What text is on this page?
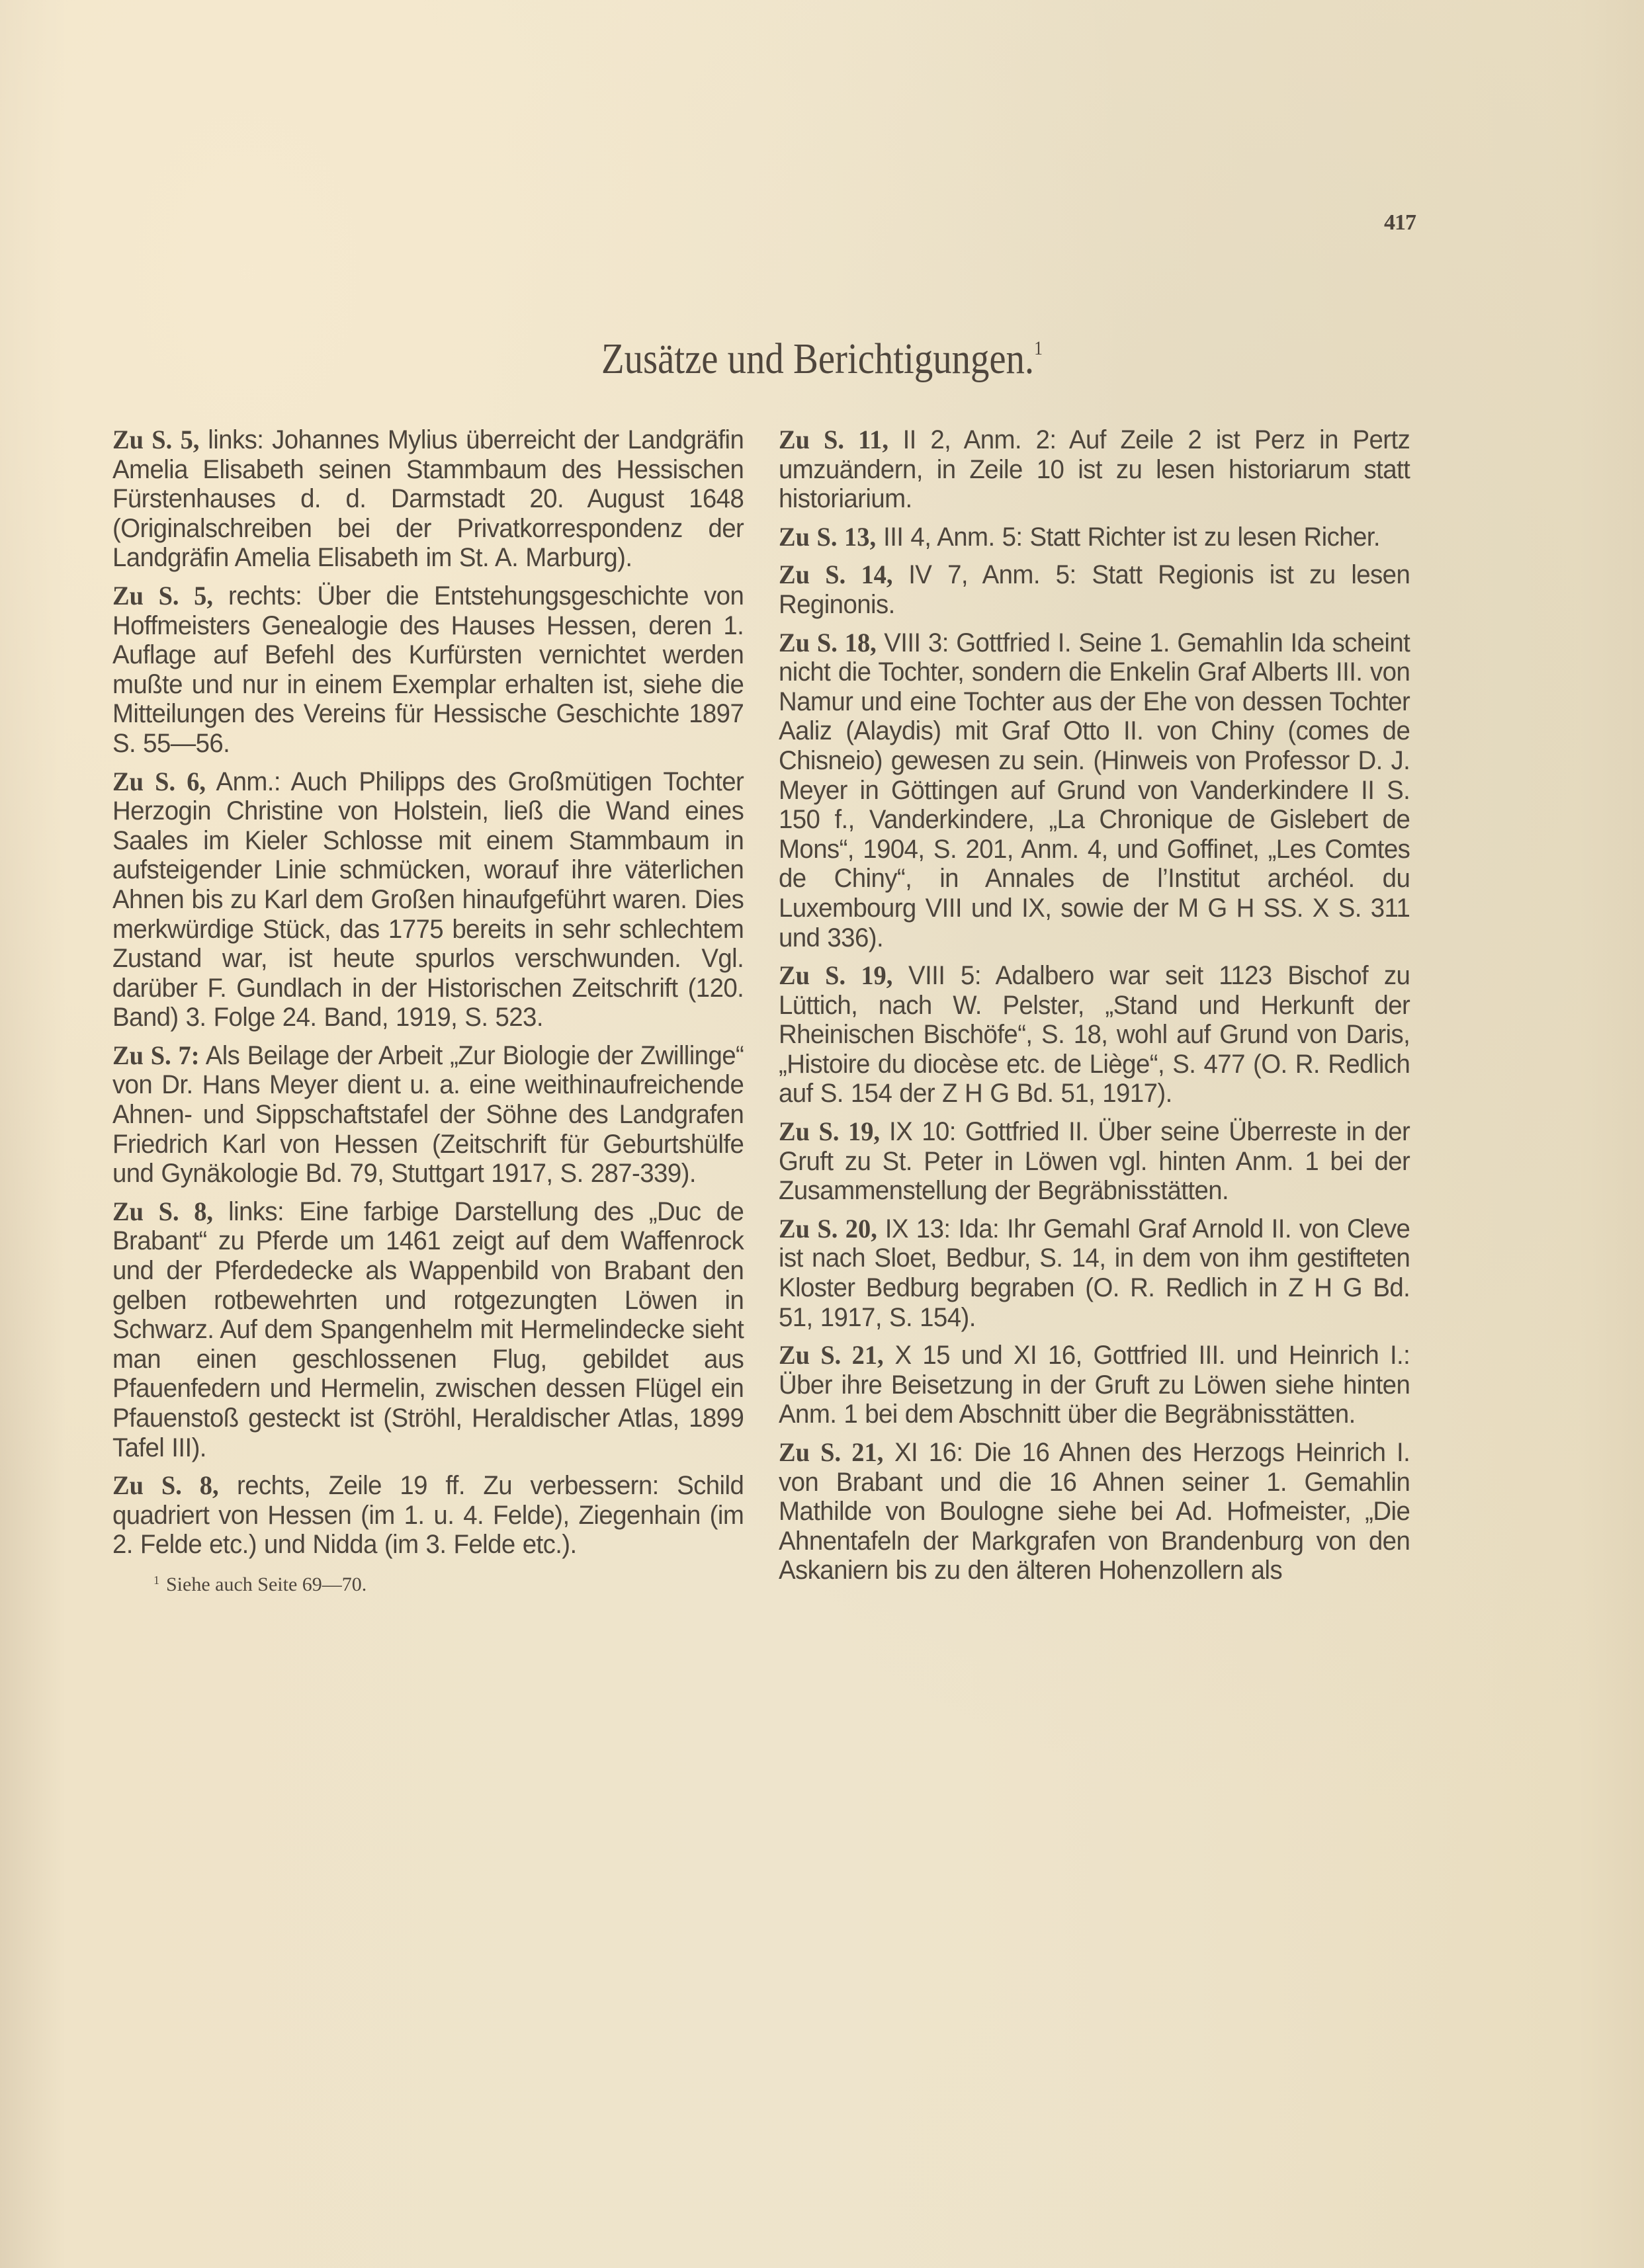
417
Zusätze und Berichtigungen.$^1$

Zu S. 5, links: Johannes Mylius überreicht der Landgräfin Amelia Elisabeth seinen Stammbaum des Hessischen Fürstenhauses d. d. Darmstadt 20. August 1648 (Originalschreiben bei der Privatkorrespondenz der Landgräfin Amelia Elisabeth im St. A. Marburg).

Zu S. 5, rechts: Über die Entstehungsgeschichte von Hoffmeisters Genealogie des Hauses Hessen, deren 1. Auflage auf Befehl des Kurfürsten vernichtet werden mußte und nur in einem Exemplar erhalten ist, siehe die Mitteilungen des Vereins für Hessische Geschichte 1897 S. 55—56.

Zu S. 6, Anm.: Auch Philipps des Großmütigen Tochter Herzogin Christine von Holstein, ließ die Wand eines Saales im Kieler Schlosse mit einem Stammbaum in aufsteigender Linie schmücken, worauf ihre väterlichen Ahnen bis zu Karl dem Großen hinaufgeführt waren. Dies merkwürdige Stück, das 1775 bereits in sehr schlechtem Zustand war, ist heute spurlos verschwunden. Vgl. darüber F. Gundlach in der Historischen Zeitschrift (120. Band) 3. Folge 24. Band, 1919, S. 523.

Zu S. 7: Als Beilage der Arbeit „Zur Biologie der Zwillinge“ von Dr. Hans Meyer dient u. a. eine weithinaufreichende Ahnen- und Sippschaftstafel der Söhne des Landgrafen Friedrich Karl von Hessen (Zeitschrift für Geburtshülfe und Gynäkologie Bd. 79, Stuttgart 1917, S. 287-339).

Zu S. 8, links: Eine farbige Darstellung des „Duc de Brabant“ zu Pferde um 1461 zeigt auf dem Waffenrock und der Pferdedecke als Wappenbild von Brabant den gelben rotbewehrten und rotgezungten Löwen in Schwarz. Auf dem Spangenhelm mit Hermelindecke sieht man einen geschlossenen Flug, gebildet aus Pfauenfedern und Hermelin, zwischen dessen Flügel ein Pfauenstoß gesteckt ist (Ströhl, Heraldischer Atlas, 1899 Tafel III).

Zu S. 8, rechts, Zeile 19 ff. Zu verbessern: Schild quadriert von Hessen (im 1. u. 4. Felde), Ziegenhain (im 2. Felde etc.) und Nidda (im 3. Felde etc.).

$^1$ Siehe auch Seite 69—70.

Zu S. 11, II 2, Anm. 2: Auf Zeile 2 ist Perz in Pertz umzuändern, in Zeile 10 ist zu lesen historiarum statt historiarium.

Zu S. 13, III 4, Anm. 5: Statt Richter ist zu lesen Richer.

Zu S. 14, IV 7, Anm. 5: Statt Regionis ist zu lesen Reginonis.

Zu S. 18, VIII 3: Gottfried I. Seine 1. Gemahlin Ida scheint nicht die Tochter, sondern die Enkelin Graf Alberts III. von Namur und eine Tochter aus der Ehe von dessen Tochter Aaliz (Alaydis) mit Graf Otto II. von Chiny (comes de Chisneio) gewesen zu sein. (Hinweis von Professor D. J. Meyer in Göttingen auf Grund von Vanderkindere II S. 150 f., Vanderkindere, „La Chronique de Gislebert de Mons“, 1904, S. 201, Anm. 4, und Goffinet, „Les Comtes de Chiny“, in Annales de l’Institut archéol. du Luxembourg VIII und IX, sowie der M G H SS. X S. 311 und 336).

Zu S. 19, VIII 5: Adalbero war seit 1123 Bischof zu Lüttich, nach W. Pelster, „Stand und Herkunft der Rheinischen Bischöfe“, S. 18, wohl auf Grund von Daris, „Histoire du diocèse etc. de Liège“, S. 477 (O. R. Redlich auf S. 154 der Z H G Bd. 51, 1917).

Zu S. 19, IX 10: Gottfried II. Über seine Überreste in der Gruft zu St. Peter in Löwen vgl. hinten Anm. 1 bei der Zusammenstellung der Begräbnisstätten.

Zu S. 20, IX 13: Ida: Ihr Gemahl Graf Arnold II. von Cleve ist nach Sloet, Bedbur, S. 14, in dem von ihm gestifteten Kloster Bedburg begraben (O. R. Redlich in Z H G Bd. 51, 1917, S. 154).

Zu S. 21, X 15 und XI 16, Gottfried III. und Heinrich I.: Über ihre Beisetzung in der Gruft zu Löwen siehe hinten Anm. 1 bei dem Abschnitt über die Begräbnisstätten.

Zu S. 21, XI 16: Die 16 Ahnen des Herzogs Heinrich I. von Brabant und die 16 Ahnen seiner 1. Gemahlin Mathilde von Boulogne siehe bei Ad. Hofmeister, „Die Ahnentafeln der Markgrafen von Brandenburg von den Askaniern bis zu den älteren Hohenzollern als
